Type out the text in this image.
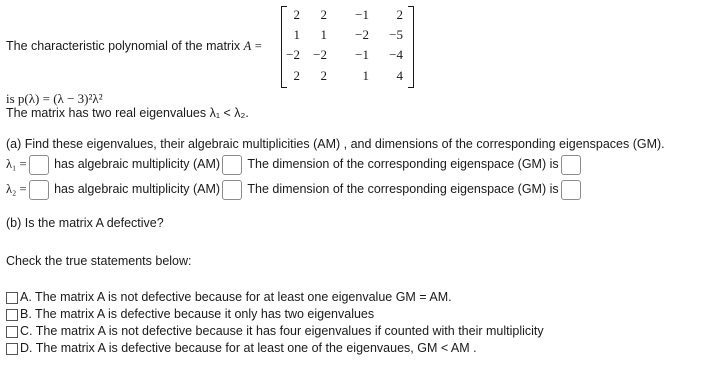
The characteristic polynomial of the matrix A =
2	2	−1	2
1	1	−2	−5
−2	−2	−1	−4
2	2	1	4
is p(λ) = (λ − 3)²λ²
The matrix has two real eigenvalues λ₁ < λ₂.
(a) Find these eigenvalues, their algebraic multiplicities (AM) , and dimensions of the corresponding eigenspaces (GM).
λ₁ = has algebraic multiplicity (AM) The dimension of the corresponding eigenspace (GM) is
λ₂ = has algebraic multiplicity (AM) The dimension of the corresponding eigenspace (GM) is
(b) Is the matrix A defective?
Check the true statements below:
A. The matrix A is not defective because for at least one eigenvalue GM = AM.
B. The matrix A is defective because it only has two eigenvalues
C. The matrix A is not defective because it has four eigenvalues if counted with their multiplicity
D. The matrix A is defective because for at least one of the eigenvaues, GM < AM .
